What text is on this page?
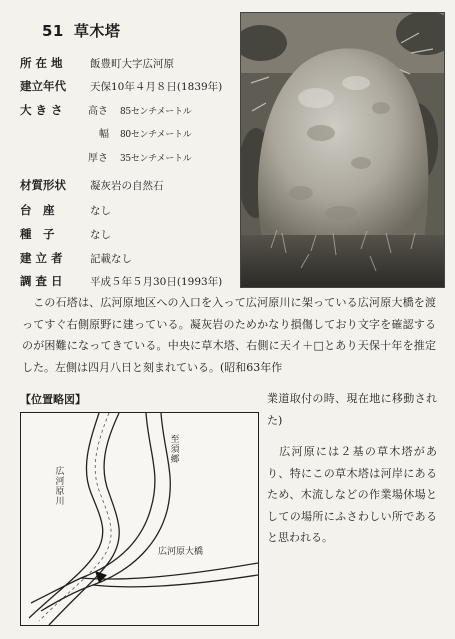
51 草木塔
所 在 地	飯豊町大字広河原
建立年代 天保10年４月８日(1839年)
大 き さ	高さ 85センチメートル
幅 80センチメートル
厚さ 35センチメートル
材質形状 凝灰岩の自然石
台　座	なし
種　子	なし
建 立 者	記載なし
調 査 日	平成５年５月30日(1993年)
　この石塔は、広河原地区への入口を入って広河原川に架っている広河原大橋を渡ってすぐ右側原野に建っている。凝灰岩のためかなり損傷しており文字を確認するのが困難になってきている。中央に草木塔、右側に天イ＋□とあり天保十年を推定した。左側は四月八日と刻まれている。(昭和63年作
業道取付の時、現在地に移動された)
　広河原には２基の草木塔があり、特にこの草木塔は河岸にあるため、木流しなどの作業場休場としての場所にふさわしい所であると思われる。
【位置略図】
広河原川
至須郷
広河原大橋
